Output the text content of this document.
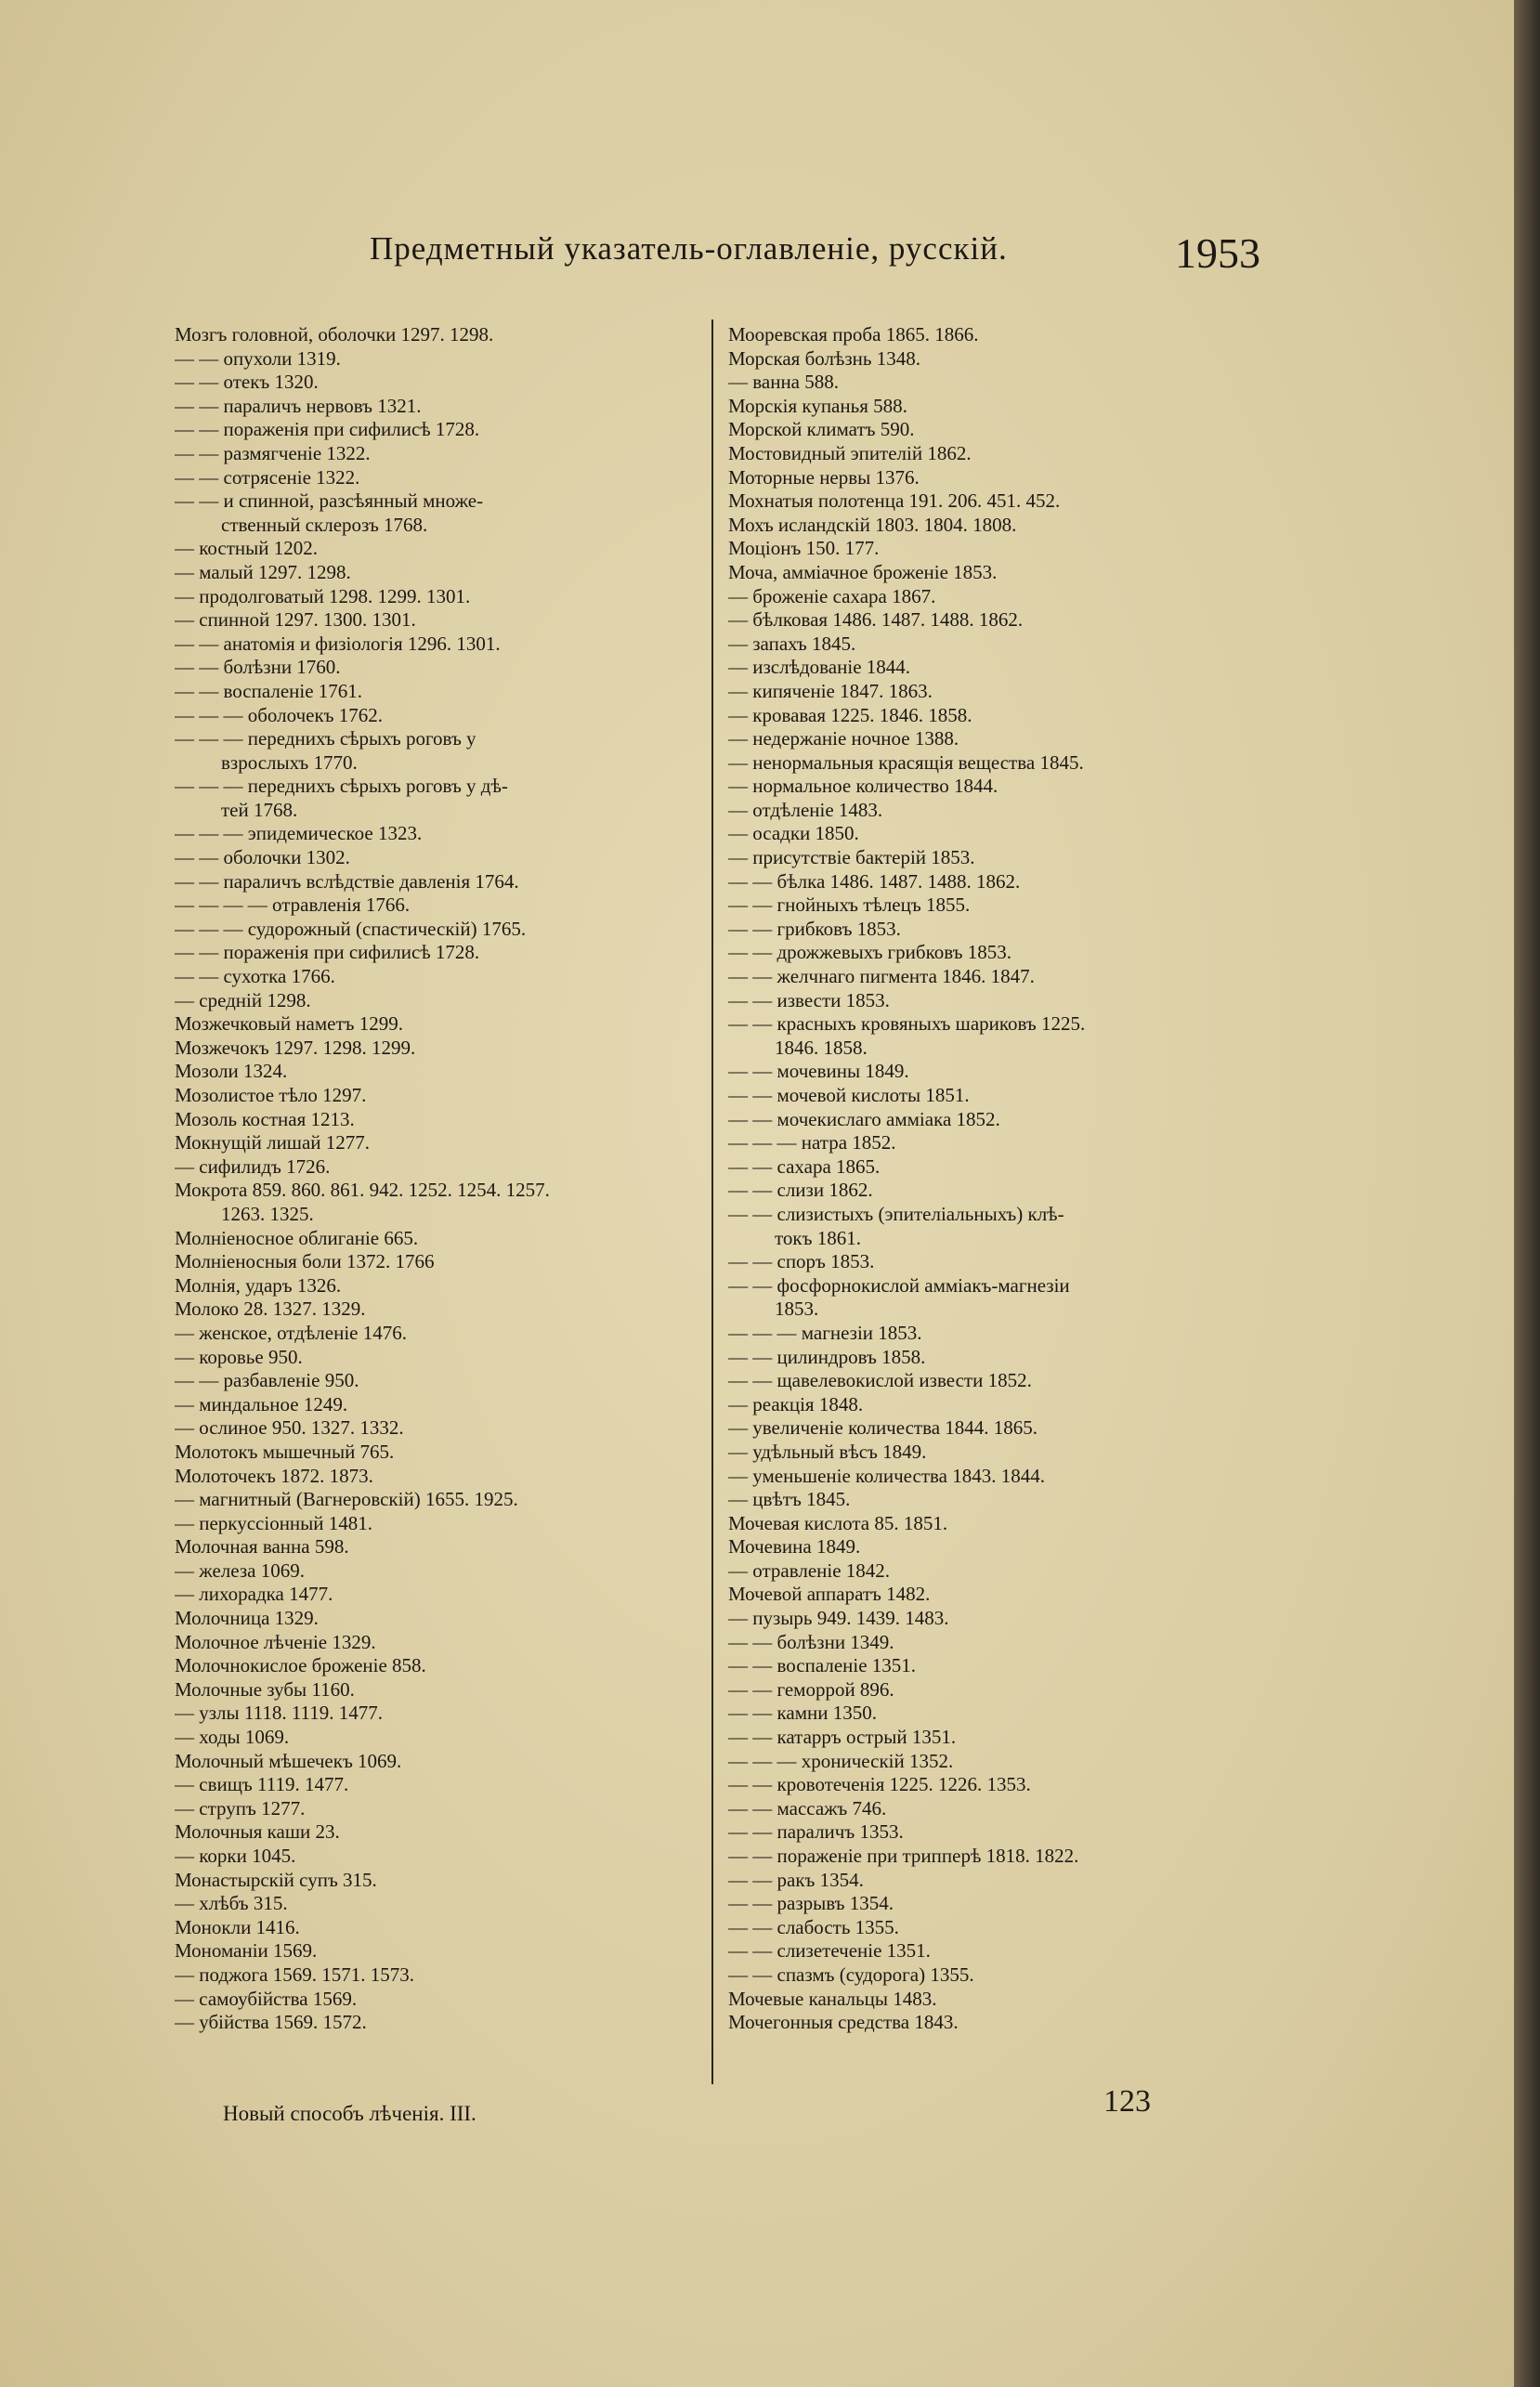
Предметный указатель-оглавленіе, русскій.	1953
Мозгъ головной, оболочки 1297. 1298.
— — опухоли 1319.
— — отекъ 1320.
— — параличъ нервовъ 1321.
— — пораженія при сифилисѣ 1728.
— — размягченіе 1322.
— — сотрясеніе 1322.
— — и спинной, разсѣянный множе-
ственный склерозъ 1768.
— костный 1202.
— малый 1297. 1298.
— продолговатый 1298. 1299. 1301.
— спинной 1297. 1300. 1301.
— — анатомія и физіологія 1296. 1301.
— — болѣзни 1760.
— — воспаленіе 1761.
— — — оболочекъ 1762.
— — — переднихъ сѣрыхъ роговъ у
взрослыхъ 1770.
— — — переднихъ сѣрыхъ роговъ у дѣ-
тей 1768.
— — — эпидемическое 1323.
— — оболочки 1302.
— — параличъ вслѣдствіе давленія 1764.
— — — — отравленія 1766.
— — — судорожный (спастическій) 1765.
— — пораженія при сифилисѣ 1728.
— — сухотка 1766.
— средній 1298.
Мозжечковый наметъ 1299.
Мозжечокъ 1297. 1298. 1299.
Мозоли 1324.
Мозолистое тѣло 1297.
Мозоль костная 1213.
Мокнущій лишай 1277.
— сифилидъ 1726.
Мокрота 859. 860. 861. 942. 1252. 1254. 1257.
1263. 1325.
Молніеносное облиганіе 665.
Молніеносныя боли 1372. 1766
Молнія, ударъ 1326.
Молоко 28. 1327. 1329.
— женское, отдѣленіе 1476.
— коровье 950.
— — разбавленіе 950.
— миндальное 1249.
— ослиное 950. 1327. 1332.
Молотокъ мышечный 765.
Молоточекъ 1872. 1873.
— магнитный (Вагнеровскій) 1655. 1925.
— перкуссіонный 1481.
Молочная ванна 598.
— железа 1069.
— лихорадка 1477.
Молочница 1329.
Молочное лѣченіе 1329.
Молочнокислое броженіе 858.
Молочные зубы 1160.
— узлы 1118. 1119. 1477.
— ходы 1069.
Молочный мѣшечекъ 1069.
— свищъ 1119. 1477.
— струпъ 1277.
Молочныя каши 23.
— корки 1045.
Монастырскій супъ 315.
— хлѣбъ 315.
Монокли 1416.
Мономаніи 1569.
— поджога 1569. 1571. 1573.
— самоубійства 1569.
— убійства 1569. 1572.
Мооревская проба 1865. 1866.
Морская болѣзнь 1348.
— ванна 588.
Морскія купанья 588.
Морской климатъ 590.
Мостовидный эпителій 1862.
Моторные нервы 1376.
Мохнатыя полотенца 191. 206. 451. 452.
Мохъ исландскій 1803. 1804. 1808.
Моціонъ 150. 177.
Моча, амміачное броженіе 1853.
— броженіе сахара 1867.
— бѣлковая 1486. 1487. 1488. 1862.
— запахъ 1845.
— изслѣдованіе 1844.
— кипяченіе 1847. 1863.
— кровавая 1225. 1846. 1858.
— недержаніе ночное 1388.
— ненормальныя красящія вещества 1845.
— нормальное количество 1844.
— отдѣленіе 1483.
— осадки 1850.
— присутствіе бактерій 1853.
— — бѣлка 1486. 1487. 1488. 1862.
— — гнойныхъ тѣлецъ 1855.
— — грибковъ 1853.
— — дрожжевыхъ грибковъ 1853.
— — желчнаго пигмента 1846. 1847.
— — извести 1853.
— — красныхъ кровяныхъ шариковъ 1225.
1846. 1858.
— — мочевины 1849.
— — мочевой кислоты 1851.
— — мочекислаго амміака 1852.
— — — натра 1852.
— — сахара 1865.
— — слизи 1862.
— — слизистыхъ (эпителіальныхъ) клѣ-
токъ 1861.
— — споръ 1853.
— — фосфорнокислой амміакъ-магнезіи
1853.
— — — магнезіи 1853.
— — цилиндровъ 1858.
— — щавелевокислой извести 1852.
— реакція 1848.
— увеличеніе количества 1844. 1865.
— удѣльный вѣсъ 1849.
— уменьшеніе количества 1843. 1844.
— цвѣтъ 1845.
Мочевая кислота 85. 1851.
Мочевина 1849.
— отравленіе 1842.
Мочевой аппаратъ 1482.
— пузырь 949. 1439. 1483.
— — болѣзни 1349.
— — воспаленіе 1351.
— — геморрой 896.
— — камни 1350.
— — катарръ острый 1351.
— — — хроническій 1352.
— — кровотеченія 1225. 1226. 1353.
— — массажъ 746.
— — параличъ 1353.
— — пораженіе при трипперѣ 1818. 1822.
— — ракъ 1354.
— — разрывъ 1354.
— — слабость 1355.
— — слизетеченіе 1351.
— — спазмъ (судорога) 1355.
Мочевые канальцы 1483.
Мочегонныя средства 1843.
Новый способъ лѣченія. III.	123
